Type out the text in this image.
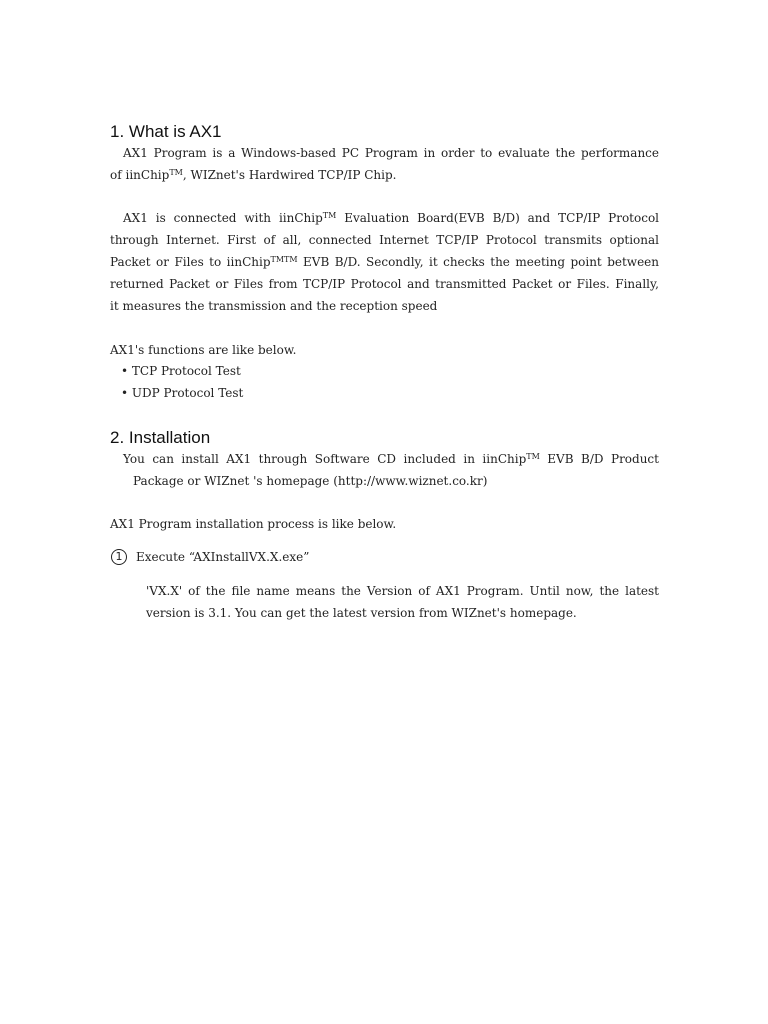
1. What is AX1

AX1 Program is a Windows-based PC Program in order to evaluate the performance

of iinChip™, WIZnet's Hardwired TCP/IP Chip.

AX1 is connected with iinChip™ Evaluation Board(EVB B/D) and TCP/IP Protocol

through Internet. First of all, connected Internet TCP/IP Protocol transmits optional

Packet or Files to iinChip$^{TMTM}$ EVB B/D. Secondly, it checks the meeting point between

returned Packet or Files from TCP/IP Protocol and transmitted Packet or Files. Finally,

it measures the transmission and the reception speed

AX1's functions are like below.

• TCP Protocol Test

• UDP Protocol Test

2. Installation

You can install AX1 through Software CD included in iinChip™ EVB B/D Product

Package or WIZnet 's homepage (http://www.wiznet.co.kr)

AX1 Program installation process is like below.

1	Execute “AXInstallVX.X.exe”

'VX.X' of the file name means the Version of AX1 Program. Until now, the latest

version is 3.1. You can get the latest version from WIZnet's homepage.
